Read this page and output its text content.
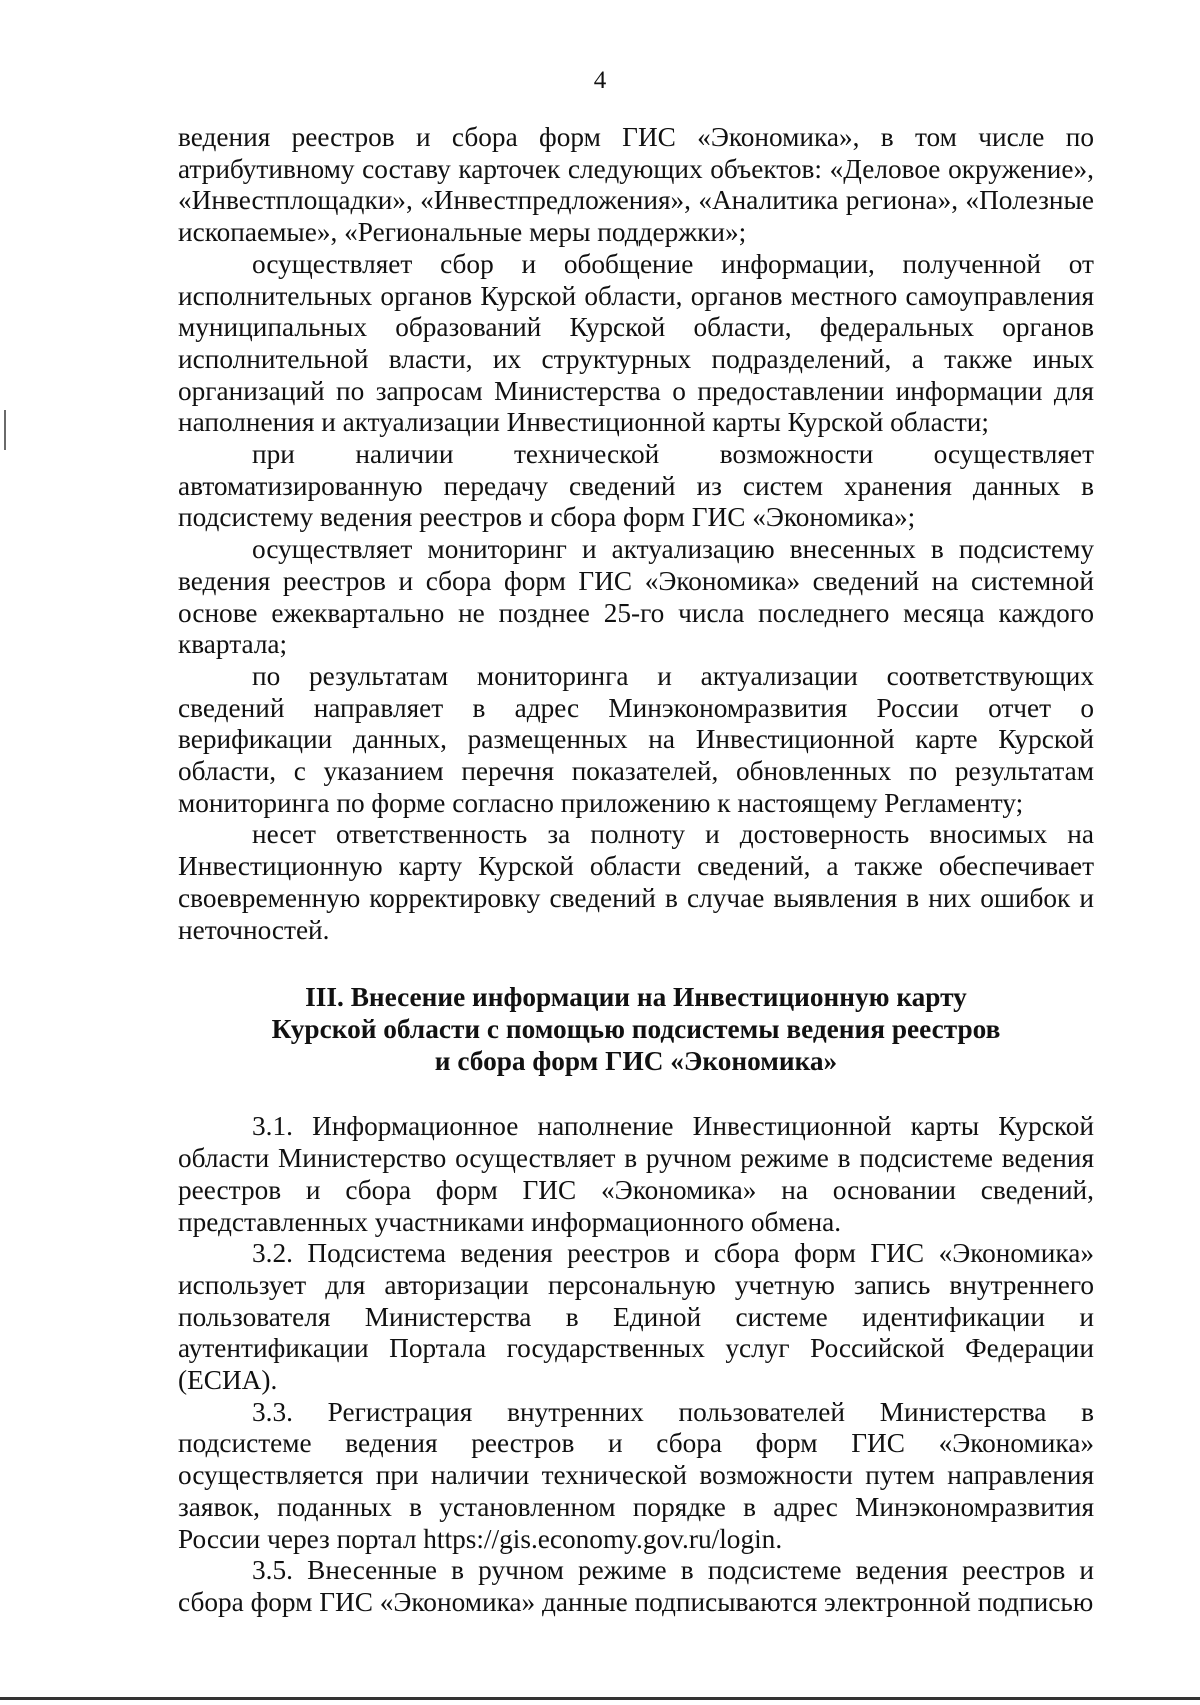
4

ведения реестров и сбора форм ГИС «Экономика», в том числе по атрибутивному составу карточек следующих объектов: «Деловое окружение», «Инвестплощадки», «Инвестпредложения», «Аналитика региона», «Полезные ископаемые», «Региональные меры поддержки»;

осуществляет сбор и обобщение информации, полученной от исполнительных органов Курской области, органов местного самоуправления муниципальных образований Курской области, федеральных органов исполнительной власти, их структурных подразделений, а также иных организаций по запросам Министерства о предоставлении информации для наполнения и актуализации Инвестиционной карты Курской области;

при наличии технической возможности осуществляет автоматизированную передачу сведений из систем хранения данных в подсистему ведения реестров и сбора форм ГИС «Экономика»;

осуществляет мониторинг и актуализацию внесенных в подсистему ведения реестров и сбора форм ГИС «Экономика» сведений на системной основе ежеквартально не позднее 25-го числа последнего месяца каждого квартала;

по результатам мониторинга и актуализации соответствующих сведений направляет в адрес Минэкономразвития России отчет о верификации данных, размещенных на Инвестиционной карте Курской области, с указанием перечня показателей, обновленных по результатам мониторинга по форме согласно приложению к настоящему Регламенту;

несет ответственность за полноту и достоверность вносимых на Инвестиционную карту Курской области сведений, а также обеспечивает своевременную корректировку сведений в случае выявления в них ошибок и неточностей.

III. Внесение информации на Инвестиционную карту
Курской области с помощью подсистемы ведения реестров
и сбора форм ГИС «Экономика»

3.1. Информационное наполнение Инвестиционной карты Курской области Министерство осуществляет в ручном режиме в подсистеме ведения реестров и сбора форм ГИС «Экономика» на основании сведений, представленных участниками информационного обмена.

3.2. Подсистема ведения реестров и сбора форм ГИС «Экономика» использует для авторизации персональную учетную запись внутреннего пользователя Министерства в Единой системе идентификации и аутентификации Портала государственных услуг Российской Федерации (ЕСИА).

3.3. Регистрация внутренних пользователей Министерства в подсистеме ведения реестров и сбора форм ГИС «Экономика» осуществляется при наличии технической возможности путем направления заявок, поданных в установленном порядке в адрес Минэкономразвития России через портал https://gis.economy.gov.ru/login.

3.5. Внесенные в ручном режиме в подсистеме ведения реестров и сбора форм ГИС «Экономика» данные подписываются электронной подписью
